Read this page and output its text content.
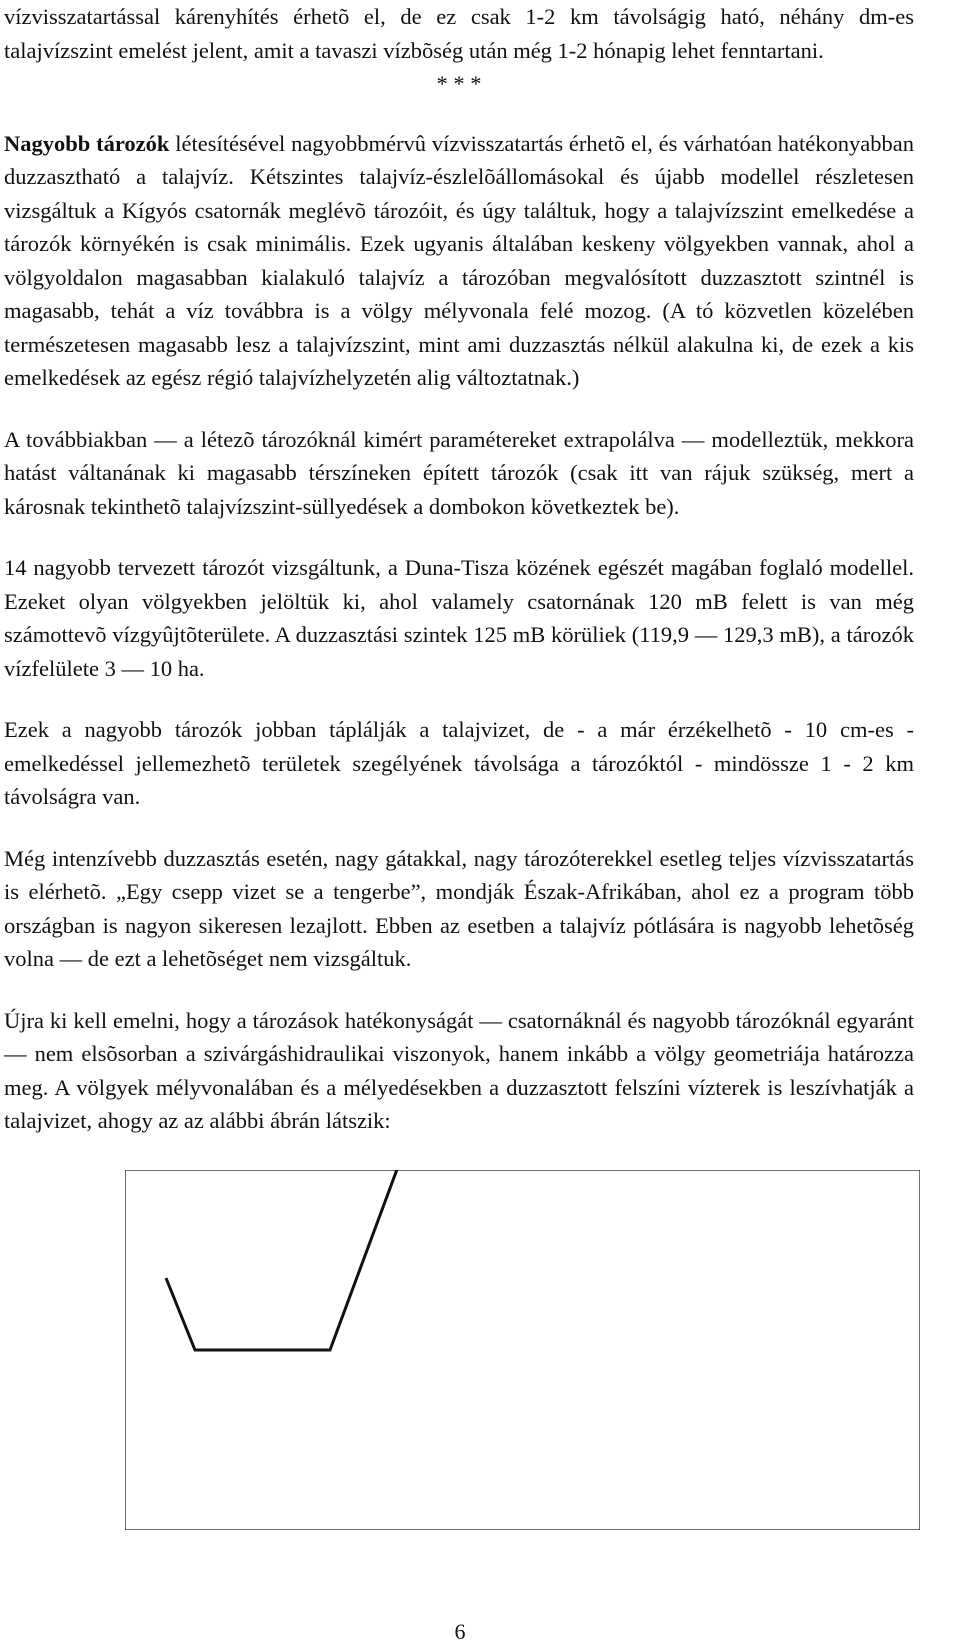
vízvisszatartással kárenyhítés érhetõ el, de ez csak 1-2 km távolságig ható, néhány dm-es talajvízszint emelést jelent, amit a tavaszi vízbõség után még 1-2 hónapig lehet fenntartani.

* * *

Nagyobb tározók létesítésével nagyobbmérvû vízvisszatartás érhetõ el, és várhatóan hatékonyabban duzzasztható a talajvíz. Kétszintes talajvíz-észlelõállomásokal és újabb modellel részletesen vizsgáltuk a Kígyós csatornák meglévõ tározóit, és úgy találtuk, hogy a talajvízszint emelkedése a tározók környékén is csak minimális. Ezek ugyanis általában keskeny völgyekben vannak, ahol a völgyoldalon magasabban kialakuló talajvíz a tározóban megvalósított duzzasztott szintnél is magasabb, tehát a víz továbbra is a völgy mélyvonala felé mozog. (A tó közvetlen közelében természetesen magasabb lesz a talajvízszint, mint ami duzzasztás nélkül alakulna ki, de ezek a kis emelkedések az egész régió talajvízhelyzetén alig változtatnak.)

A továbbiakban — a létezõ tározóknál kimért paramétereket extrapolálva — modelleztük, mekkora hatást váltanának ki magasabb térszíneken épített tározók (csak itt van rájuk szükség, mert a károsnak tekinthetõ talajvízszint-süllyedések a dombokon következtek be).

14 nagyobb tervezett tározót vizsgáltunk, a Duna-Tisza közének egészét magában foglaló modellel. Ezeket olyan völgyekben jelöltük ki, ahol valamely csatornának 120 mB felett is van még számottevõ vízgyûjtõterülete. A duzzasztási szintek 125 mB körüliek (119,9 — 129,3 mB), a tározók vízfelülete 3 — 10 ha.

Ezek a nagyobb tározók jobban táplálják a talajvizet, de - a már érzékelhetõ - 10 cm-es - emelkedéssel jellemezhetõ területek szegélyének távolsága a tározóktól - mindössze 1 - 2 km távolságra van.

Még intenzívebb duzzasztás esetén, nagy gátakkal, nagy tározóterekkel esetleg teljes vízvisszatartás is elérhetõ. „Egy csepp vizet se a tengerbe”, mondják Észak-Afrikában, ahol ez a program több országban is nagyon sikeresen lezajlott. Ebben az esetben a talajvíz pótlására is nagyobb lehetõség volna — de ezt a lehetõséget nem vizsgáltuk.

Újra ki kell emelni, hogy a tározások hatékonyságát — csatornáknál és nagyobb tározóknál egyaránt — nem elsõsorban a szivárgáshidraulikai viszonyok, hanem inkább a völgy geometriája határozza meg. A völgyek mélyvonalában és a mélyedésekben a duzzasztott felszíni vízterek is leszívhatják a talajvizet, ahogy az az alábbi ábrán látszik:

6
